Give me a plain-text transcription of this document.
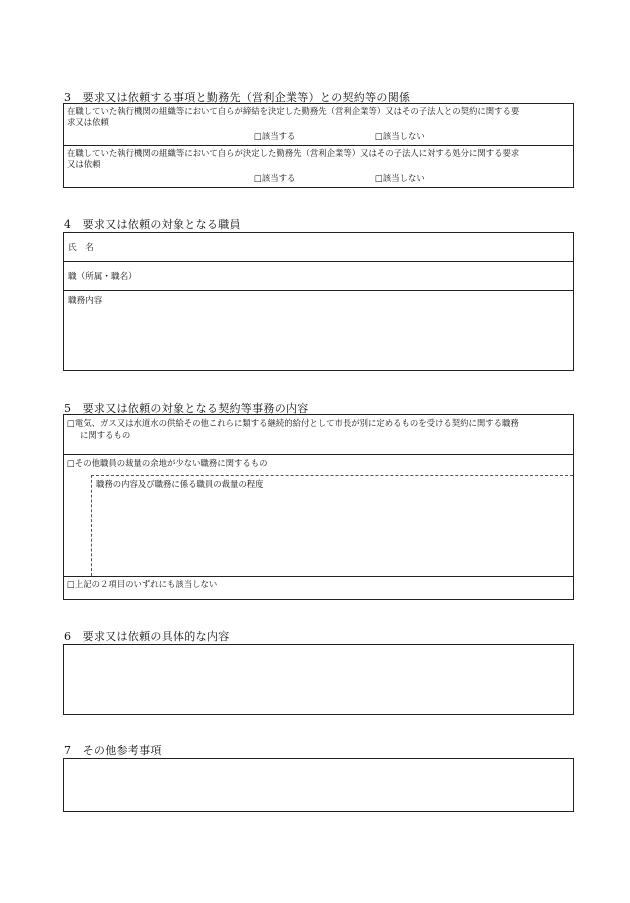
3　要求又は依頼する事項と勤務先（営利企業等）との契約等の関係
在職していた執行機関の組織等において自らが締結を決定した勤務先（営利企業等）又はその子法人との契約に関する要
求又は依頼
□該当する	□該当しない
在職していた執行機関の組織等において自らが決定した勤務先（営利企業等）又はその子法人に対する処分に関する要求
又は依頼
□該当する	□該当しない
4　要求又は依頼の対象となる職員
氏　名
職（所属・職名）
職務内容
5　要求又は依頼の対象となる契約等事務の内容
□電気、ガス又は水道水の供給その他これらに類する継続的給付として市長が別に定めるものを受ける契約に関する職務
に関するもの
□その他職員の裁量の余地が少ない職務に関するもの
職務の内容及び職務に係る職員の裁量の程度
□上記の２項目のいずれにも該当しない
6　要求又は依頼の具体的な内容
7　その他参考事項
